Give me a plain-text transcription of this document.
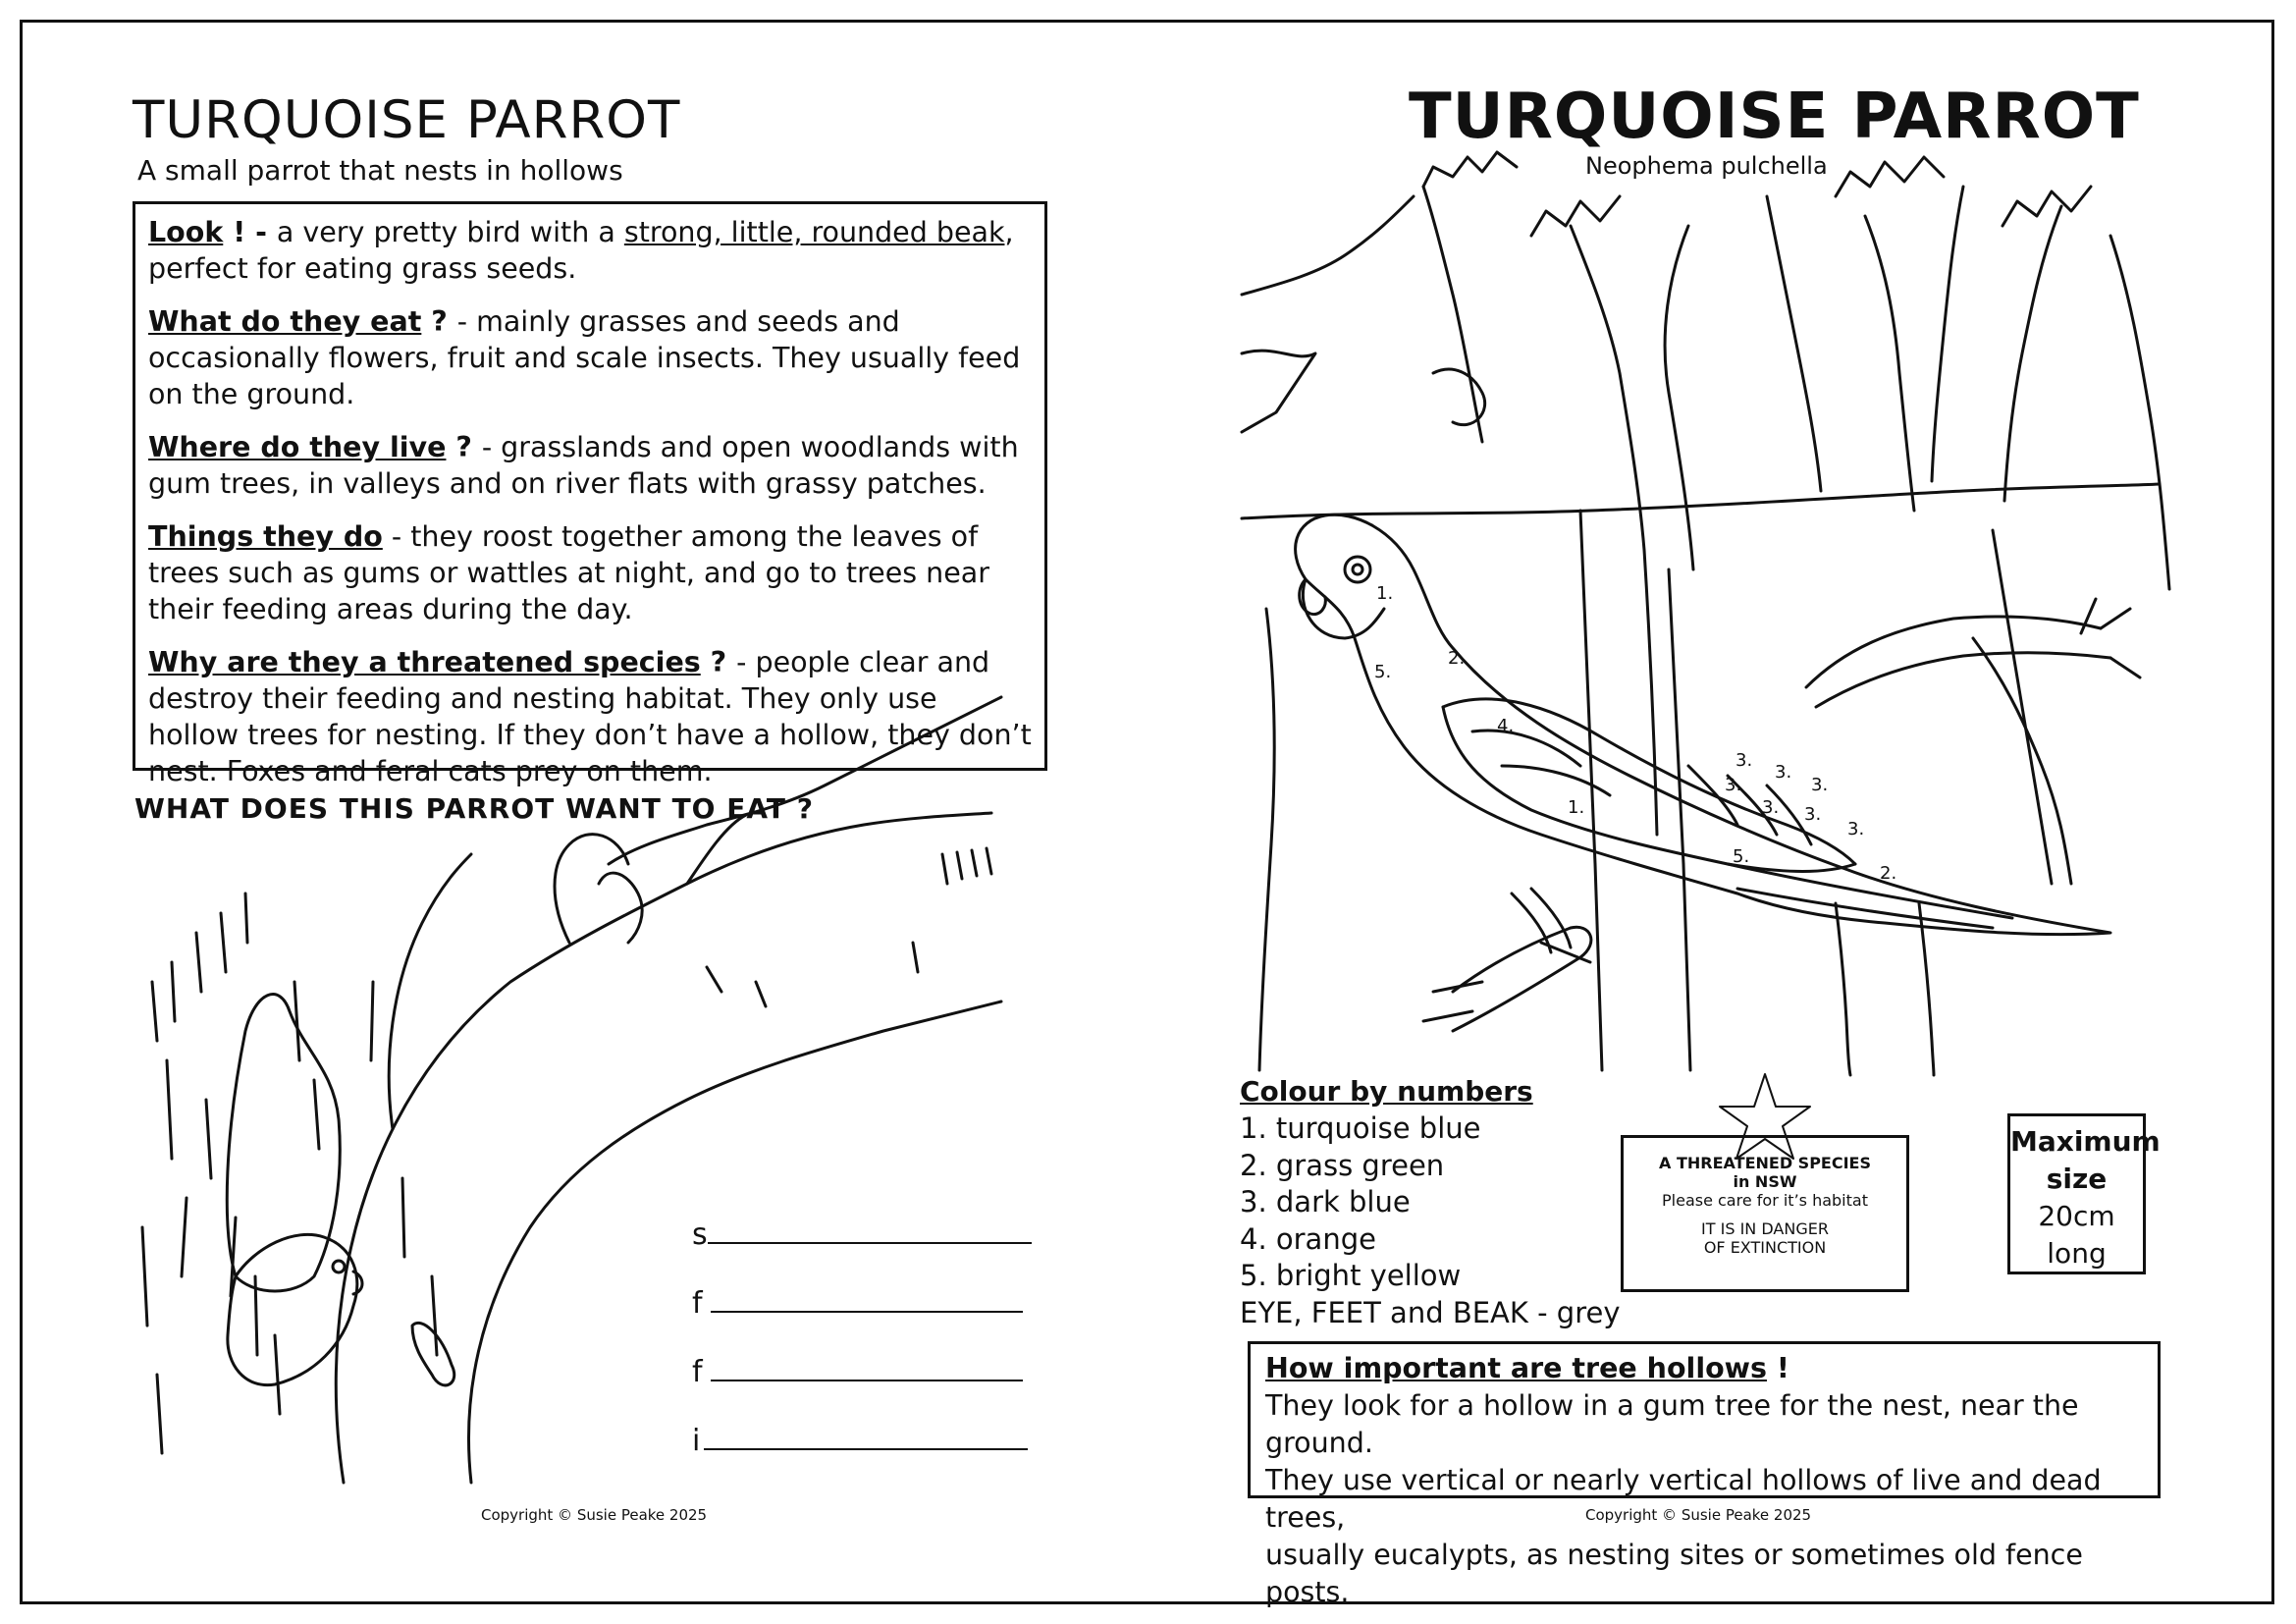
TURQUOISE PARROT
A small parrot that nests in hollows

Look ! - a very pretty bird with a strong, little, rounded beak, perfect for eating grass seeds.

What do they eat ? - mainly grasses and seeds and occasionally flowers, fruit and scale insects. They usually feed on the ground.

Where do they live ? - grasslands and open woodlands with gum trees, in valleys and on river flats with grassy patches.

Things they do - they roost together among the leaves of trees such as gums or wattles at night, and go to trees near their feeding areas during the day.

Why are they a threatened species ? - people clear and destroy their feeding and nesting habitat. They only use hollow trees for nesting. If they don’t have a hollow, they don’t nest. Foxes and feral cats prey on them.

WHAT DOES THIS PARROT WANT TO EAT ?
s
f
f
i
Copyright © Susie Peake 2025
TURQUOISE PARROT
Neophema pulchella
Colour by numbers
1. turquoise blue
2. grass green
3. dark blue
4. orange
5. bright yellow
EYE, FEET and BEAK - grey
A THREATENED SPECIES
in NSW
Please care for it’s habitat
IT IS IN DANGER
OF EXTINCTION
Maximum
size
20cm
long
How important are tree hollows !
They look for a hollow in a gum tree for the nest, near the ground.
They use vertical or nearly vertical hollows of live and dead trees,
usually eucalypts, as nesting sites or sometimes old fence posts.
Copyright © Susie Peake 2025
1.
2.
5.
4.
3.
3.
3.
3.
3. 3.
3.
1.
5.
2.
